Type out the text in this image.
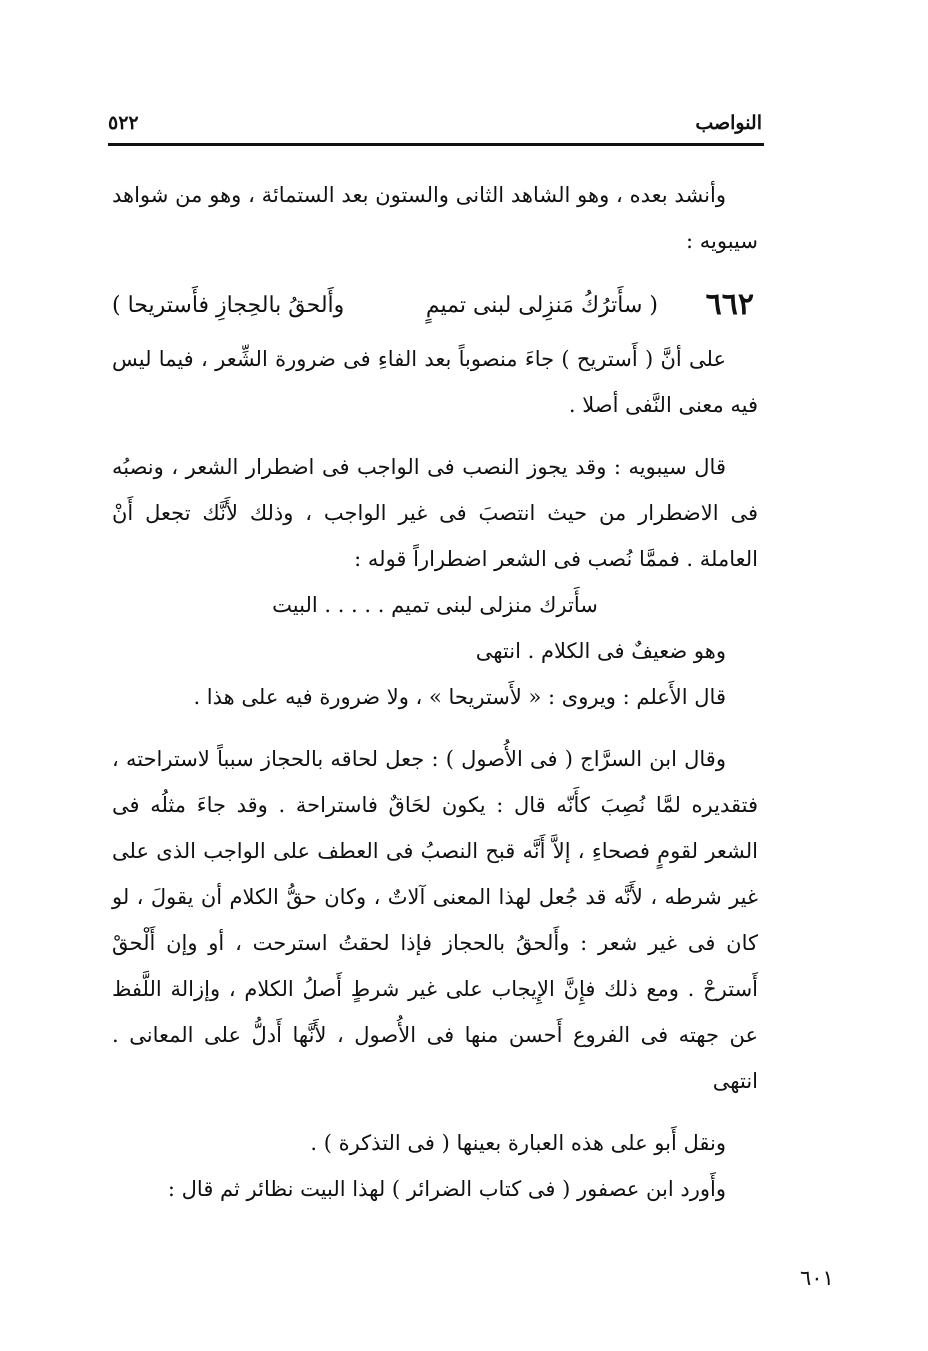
٥٢٢	النواصب

وأنشد بعده ، وهو الشاهد الثانى والستون بعد الستمائة ، وهو من شواهد سيبويه :

٦٦٢
( سأَترُكُ مَنزِلى لبنى تميمٍ
وأَلحقُ بالحِجازِ فأَستريحا )

على أنَّ ( أَستريح ) جاءَ منصوباً بعد الفاءِ فى ضرورة الشِّعر ، فيما ليس فيه معنى النَّفى أصلا .

قال سيبويه : وقد يجوز النصب فى الواجب فى اضطرار الشعر ، ونصبُه فى الاضطرار من حيث انتصبَ فى غير الواجب ، وذلك لأَنَّك تجعل أَنْ العاملة . فممَّا نُصب فى الشعر اضطراراً قوله :

سأَترك منزلى لبنى تميم . . . . . البيت

وهو ضعيفٌ فى الكلام . انتهى

قال الأَعلم : ويروى : « لأَستريحا » ، ولا ضرورة فيه على هذا .

وقال ابن السرَّاج ( فى الأُصول ) : جعل لحاقه بالحجاز سبباً لاستراحته ، فتقديره لمَّا نُصِبَ كأَنّه قال : يكون لحَاقٌ فاستراحة . وقد جاءَ مثلُه فى الشعر لقومٍ فصحاءِ ، إلاَّ أَنَّه قبح النصبُ فى العطف على الواجب الذى على غير شرطه ، لأَنَّه قد جُعل لهذا المعنى آلاتٌ ، وكان حقُّ الكلام أن يقولَ ، لو كان فى غير شعر : وأَلحقُ بالحجاز فإذا لحقتُ استرحت ، أو وإن أَلْحقْ أَسترحْ . ومع ذلك فإِنَّ الإِيجاب على غير شرطٍ أَصلُ الكلام ، وإزالة اللَّفظ عن جهته فى الفروع أَحسن منها فى الأُصول ، لأَنَّها أَدلُّ على المعانى . انتهى

ونقل أَبو على هذه العبارة بعينها ( فى التذكرة ) .

وأَورد ابن عصفور ( فى كتاب الضرائر ) لهذا البيت نظائر ثم قال :

٦٠١
